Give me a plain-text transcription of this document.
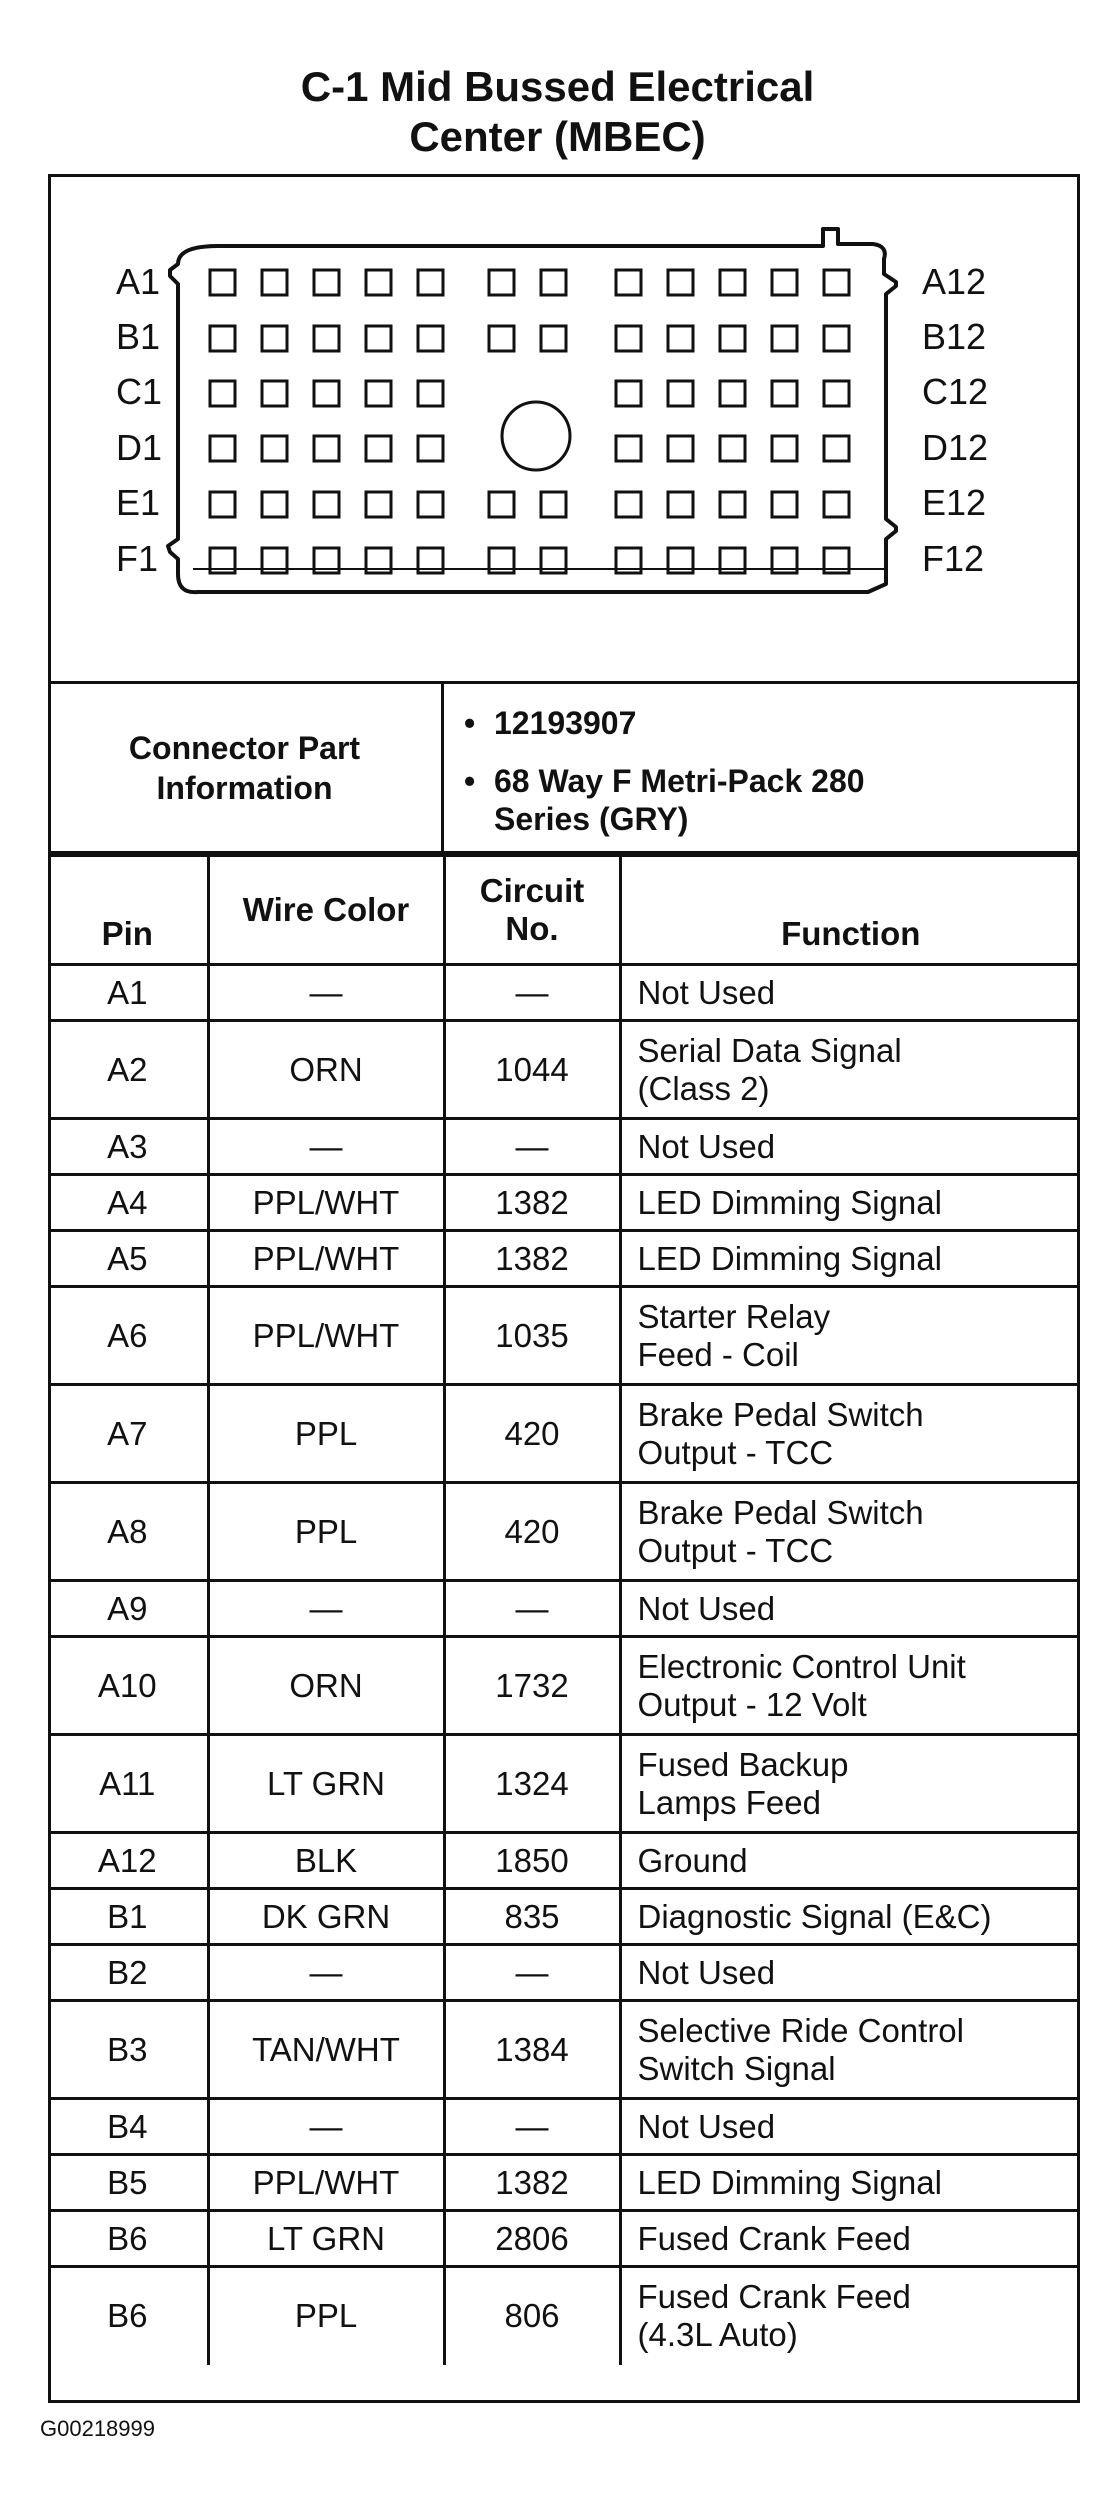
C-1 Mid Bussed Electrical
Center (MBEC)
A1
B1
C1
D1
E1
F1
A12
B12
C12
D12
E12
F12
Connector Part
Information
• 12193907
• 68 Way F Metri-Pack 280
Series (GRY)
Pin	Wire Color	Circuit
No.	Function
A1	—	—	Not Used

A2	ORN	1044	Serial Data Signal
(Class 2)

A3	—	—	Not Used

A4	PPL/WHT	1382	LED Dimming Signal

A5	PPL/WHT	1382	LED Dimming Signal

A6	PPL/WHT	1035	Starter Relay
Feed - Coil

A7	PPL	420	Brake Pedal Switch
Output - TCC

A8	PPL	420	Brake Pedal Switch
Output - TCC

A9	—	—	Not Used

A10	ORN	1732	Electronic Control Unit
Output - 12 Volt

A11	LT GRN	1324	Fused Backup
Lamps Feed

A12	BLK	1850	Ground

B1	DK GRN	835	Diagnostic Signal (E&C)

B2	—	—	Not Used

B3	TAN/WHT	1384	Selective Ride Control
Switch Signal

B4	—	—	Not Used

B5	PPL/WHT	1382	LED Dimming Signal

B6	LT GRN	2806	Fused Crank Feed

B6	PPL	806	Fused Crank Feed
(4.3L Auto)
G00218999
